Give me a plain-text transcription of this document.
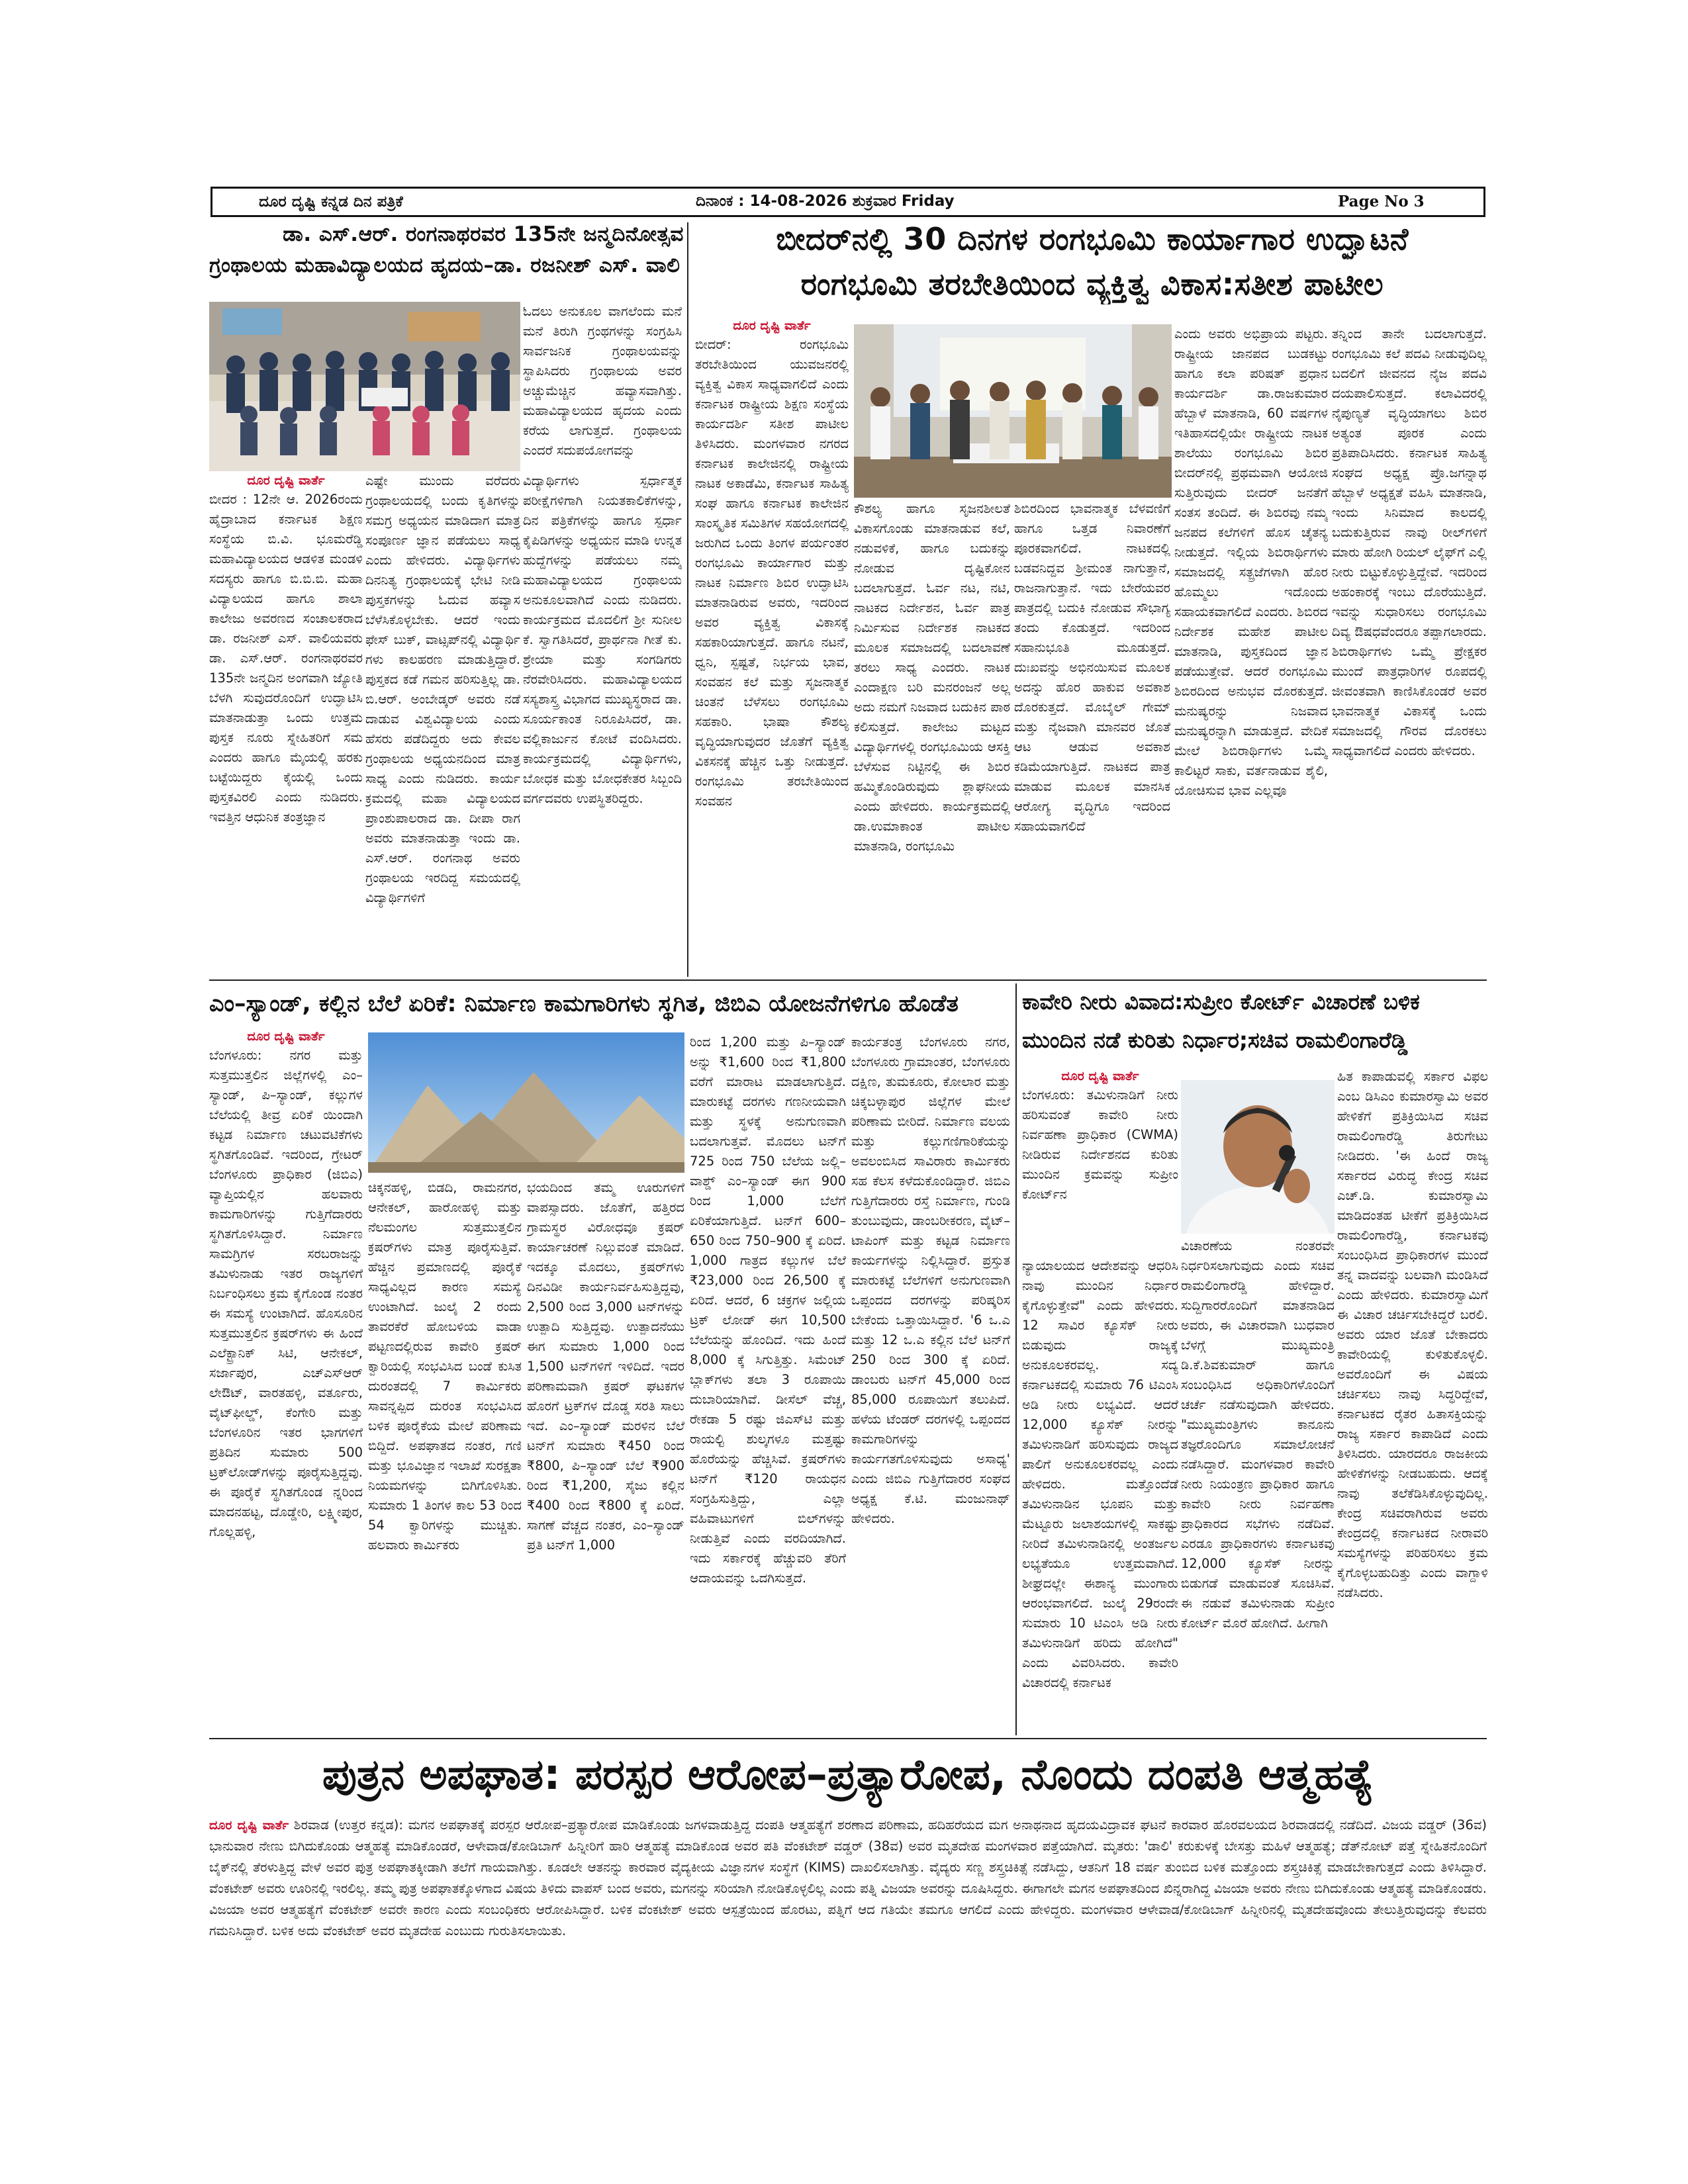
ದೂರ ದೃಷ್ಟಿ ಕನ್ನಡ ದಿನ ಪತ್ರಿಕೆ	ದಿನಾಂಕ : 14-08-2026 ಶುಕ್ರವಾರ Friday	Page No 3
ಡಾ. ಎಸ್.ಆರ್. ರಂಗನಾಥರವರ 135ನೇ ಜನ್ಮದಿನೋತ್ಸವ
ಗ್ರಂಥಾಲಯ ಮಹಾವಿದ್ಯಾಲಯದ ಹೃದಯ–ಡಾ. ರಜನೀಶ್ ಎಸ್. ವಾಲಿ
ದೂರ ದೃಷ್ಟಿ ವಾರ್ತೆ
ಬೀದರ : 12ನೇ ಆ. 2026ರಂದು ಹೈದ್ರಾಬಾದ ಕರ್ನಾಟಕ ಶಿಕ್ಷಣ ಸಂಸ್ಥೆಯ ಬಿ.ವಿ. ಭೂಮರೆಡ್ಡಿ ಮಹಾವಿದ್ಯಾಲಯದ ಆಡಳಿತ ಮಂಡಳಿ ಸದಸ್ಯರು ಹಾಗೂ ಬಿ.ಬಿ.ಬಿ. ಮಹಾ ವಿದ್ಯಾಲಯದ ಹಾಗೂ ಶಾಲಾ ಕಾಲೇಜು ಅವರಣದ ಸಂಚಾಲಕರಾದ ಡಾ. ರಜನೀಶ್ ಎಸ್. ವಾಲಿಯವರು ಡಾ. ಎಸ್.ಆರ್. ರಂಗನಾಥರವರ 135ನೇ ಜನ್ಮದಿನ ಅಂಗವಾಗಿ ಜ್ಯೋತಿ ಬೆಳಗಿ ಸುವುದರೊಂದಿಗೆ ಉದ್ಘಾಟಿಸಿ ಮಾತನಾಡುತ್ತಾ ಒಂದು ಉತ್ತಮ ಪುಸ್ತಕ ನೂರು ಸ್ನೇಹಿತರಿಗೆ ಸಮ ಎಂದರು ಹಾಗೂ ಮೈಯಲ್ಲಿ ಹರಕು ಬಟ್ಟೆಯಿದ್ದರು ಕೈಯಲ್ಲಿ ಒಂದು ಪುಸ್ತಕವಿರಲಿ ಎಂದು ನುಡಿದರು. ಇವತ್ತಿನ ಆಧುನಿಕ ತಂತ್ರಜ್ಞಾನ
ಎಷ್ಟೇ ಮುಂದು ವರೆದರು ಗ್ರಂಥಾಲಯದಲ್ಲಿ ಬಂದು ಕೃತಿಗಳನ್ನು ಸಮಗ್ರ ಅಧ್ಯಯನ ಮಾಡಿದಾಗ ಮಾತ್ರ ಸಂಪೂರ್ಣ ಜ್ಞಾನ ಪಡೆಯಲು ಸಾಧ್ಯ ಎಂದು ಹೇಳಿದರು. ವಿದ್ಯಾರ್ಥಿಗಳು ದಿನನಿತ್ಯ ಗ್ರಂಥಾಲಯಕ್ಕೆ ಭೇಟಿ ನೀಡಿ ಪುಸ್ತಕಗಳನ್ನು ಓದುವ ಹವ್ಯಾಸ ಬೆಳೆಸಿಕೊಳ್ಳಬೇಕು. ಆದರೆ ಇಂದು ಫೇಸ್ ಬುಕ್, ವಾಟ್ಸಪ್‌ನಲ್ಲಿ ವಿದ್ಯಾರ್ಥಿ ಗಳು ಕಾಲಹರಣ ಮಾಡುತ್ತಿದ್ದಾರೆ. ಪುಸ್ತಕದ ಕಡೆ ಗಮನ ಹರಿಸುತ್ತಿಲ್ಲ ಡಾ. ಬಿ.ಆರ್. ಅಂಬೇಡ್ಕರ್ ಅವರು ನಡೆ ದಾಡುವ ವಿಶ್ವವಿದ್ಯಾಲಯ ಎಂದು ಹೆಸರು ಪಡೆದಿದ್ದರು ಅದು ಕೇವಲ ಗ್ರಂಥಾಲಯ ಅಧ್ಯಯನದಿಂದ ಮಾತ್ರ ಸಾಧ್ಯ ಎಂದು ನುಡಿದರು. ಕಾರ್ಯ ಕ್ರಮದಲ್ಲಿ ಮಹಾ ವಿದ್ಯಾಲಯದ ಪ್ರಾಂಶುಪಾಲರಾದ ಡಾ. ದೀಪಾ ರಾಗ ಅವರು ಮಾತನಾಡುತ್ತಾ ಇಂದು ಡಾ. ಎಸ್.ಆರ್. ರಂಗನಾಥ ಅವರು ಗ್ರಂಥಾಲಯ ಇರದಿದ್ದ ಸಮಯದಲ್ಲಿ ವಿದ್ಯಾರ್ಥಿಗಳಿಗೆ
ಓದಲು ಅನುಕೂಲ ವಾಗಲೆಂದು ಮನೆ ಮನೆ ತಿರುಗಿ ಗ್ರಂಥಗಳನ್ನು ಸಂಗ್ರಹಿಸಿ ಸಾರ್ವಜನಿಕ ಗ್ರಂಥಾಲಯವನ್ನು ಸ್ಥಾಪಿಸಿದರು ಗ್ರಂಥಾಲಯ ಅವರ ಅಚ್ಚುಮೆಚ್ಚಿನ ಹವ್ಯಾಸವಾಗಿತ್ತು. ಮಹಾವಿದ್ಯಾಲಯದ ಹೃದಯ ಎಂದು ಕರೆಯ ಲಾಗುತ್ತದೆ. ಗ್ರಂಥಾಲಯ ಎಂದರೆ ಸದುಪಯೋಗವನ್ನು
ವಿದ್ಯಾರ್ಥಿಗಳು ಸ್ಪರ್ಧಾತ್ಮಕ ಪರೀಕ್ಷೆಗಳಿಗಾಗಿ ನಿಯತಕಾಲಿಕೆಗಳನ್ನು, ದಿನ ಪತ್ರಿಕೆಗಳನ್ನು ಹಾಗೂ ಸ್ಪರ್ಧಾ ಕೈಪಿಡಿಗಳನ್ನು ಅಧ್ಯಯನ ಮಾಡಿ ಉನ್ನತ ಹುದ್ದೆಗಳನ್ನು ಪಡೆಯಲು ನಮ್ಮ ಮಹಾವಿದ್ಯಾಲಯದ ಗ್ರಂಥಾಲಯ ಅನುಕೂಲವಾಗಿದೆ ಎಂದು ನುಡಿದರು. ಕಾರ್ಯಕ್ರಮದ ಮೊದಲಿಗೆ ಶ್ರೀ ಸುನೀಲ ಕೆ. ಸ್ವಾಗತಿಸಿದರೆ, ಪ್ರಾರ್ಥನಾ ಗೀತೆ ಕು. ಶ್ರೇಯಾ ಮತ್ತು ಸಂಗಡಿಗರು ನೆರವೇರಿಸಿದರು. ಮಹಾವಿದ್ಯಾಲಯದ ಸಸ್ಯಶಾಸ್ತ್ರ ವಿಭಾಗದ ಮುಖ್ಯಸ್ಥರಾದ ಡಾ. ಸೂರ್ಯಕಾಂತ ನಿರೂಪಿಸಿದರೆ, ಡಾ. ವಲ್ಲಿಕಾರ್ಜುನ ಕೋಟೆ ವಂದಿಸಿದರು. ಕಾರ್ಯಕ್ರಮದಲ್ಲಿ ವಿದ್ಯಾರ್ಥಿಗಳು, ಬೋಧಕ ಮತ್ತು ಬೋಧಕೇತರ ಸಿಬ್ಬಂದಿ ವರ್ಗದವರು ಉಪಸ್ಥಿತರಿದ್ದರು.
ಬೀದರ್‌ನಲ್ಲಿ 30 ದಿನಗಳ ರಂಗಭೂಮಿ ಕಾರ್ಯಾಗಾರ ಉದ್ಘಾಟನೆ
ರಂಗಭೂಮಿ ತರಬೇತಿಯಿಂದ ವ್ಯಕ್ತಿತ್ವ ವಿಕಾಸ:ಸತೀಶ ಪಾಟೀಲ
ದೂರ ದೃಷ್ಟಿ ವಾರ್ತೆ
ಬೀದರ್: ರಂಗಭೂಮಿ ತರಬೇತಿಯಿಂದ ಯುವಜನರಲ್ಲಿ ವ್ಯಕ್ತಿತ್ವ ವಿಕಾಸ ಸಾಧ್ಯವಾಗಲಿದೆ ಎಂದು ಕರ್ನಾಟಕ ರಾಷ್ಟ್ರೀಯ ಶಿಕ್ಷಣ ಸಂಸ್ಥೆಯ ಕಾರ್ಯದರ್ಶಿ ಸತೀಶ ಪಾಟೀಲ ತಿಳಿಸಿದರು. ಮಂಗಳವಾರ ನಗರದ ಕರ್ನಾಟಕ ಕಾಲೇಜಿನಲ್ಲಿ ರಾಷ್ಟ್ರೀಯ ನಾಟಕ ಅಕಾಡೆಮಿ, ಕರ್ನಾಟಕ ಸಾಹಿತ್ಯ ಸಂಘ ಹಾಗೂ ಕರ್ನಾಟಕ ಕಾಲೇಜಿನ ಸಾಂಸ್ಕೃತಿಕ ಸಮಿತಿಗಳ ಸಹಯೋಗದಲ್ಲಿ ಜರುಗಿದ ಒಂದು ತಿಂಗಳ ಪರ್ಯಂತರ ರಂಗಭೂಮಿ ಕಾರ್ಯಾಗಾರ ಮತ್ತು ನಾಟಕ ನಿರ್ಮಾಣ ಶಿಬಿರ ಉದ್ಘಾಟಿಸಿ ಮಾತನಾಡಿರುವ ಅವರು, ಇದರಿಂದ ಅವರ ವ್ಯಕ್ತಿತ್ವ ವಿಕಾಸಕ್ಕೆ ಸಹಕಾರಿಯಾಗುತ್ತದೆ. ಹಾಗೂ ನಟನೆ, ಧ್ವನಿ, ಸ್ಪಷ್ಟತೆ, ನಿರ್ಭಯ ಭಾವ, ಸಂವಹನ ಕಲೆ ಮತ್ತು ಸೃಜನಾತ್ಮಕ ಚಿಂತನೆ ಬೆಳೆಸಲು ರಂಗಭೂಮಿ ಸಹಕಾರಿ. ಭಾಷಾ ಕೌಶಲ್ಯ ವೃದ್ಧಿಯಾಗುವುದರ ಜೊತೆಗೆ ವ್ಯಕ್ತಿತ್ವ ವಿಕಸನಕ್ಕೆ ಹೆಚ್ಚಿನ ಒತ್ತು ನೀಡುತ್ತದೆ. ರಂಗಭೂಮಿ ತರಬೇತಿಯಿಂದ ಸಂವಹನ
ಕೌಶಲ್ಯ ಹಾಗೂ ಸೃಜನಶೀಲತೆ ವಿಕಾಸಗೊಂಡು ಮಾತನಾಡುವ ಕಲೆ, ನಡುವಳಿಕೆ, ಹಾಗೂ ಬದುಕನ್ನು ನೋಡುವ ದೃಷ್ಟಿಕೋನ ಬದಲಾಗುತ್ತದೆ. ಓರ್ವ ನಟ, ನಟಿ, ನಾಟಕದ ನಿರ್ದೇಶನ, ಓರ್ವ ಪಾತ್ರ ನಿರ್ಮಿಸುವ ನಿರ್ದೇಶಕ ನಾಟಕದ ಮೂಲಕ ಸಮಾಜದಲ್ಲಿ ಬದಲಾವಣೆ ತರಲು ಸಾಧ್ಯ ಎಂದರು. ನಾಟಕ ಎಂದಾಕ್ಷಣ ಬರಿ ಮನರಂಜನೆ ಅಲ್ಲ ಅದು ನಮಗೆ ನಿಜವಾದ ಬದುಕಿನ ಪಾಠ ಕಲಿಸುತ್ತದೆ. ಕಾಲೇಜು ಮಟ್ಟದ ವಿದ್ಯಾರ್ಥಿಗಳಲ್ಲಿ ರಂಗಭೂಮಿಯ ಆಸಕ್ತಿ ಬೆಳೆಸುವ ನಿಟ್ಟಿನಲ್ಲಿ ಈ ಶಿಬಿರ ಹಮ್ಮಿಕೊಂಡಿರುವುದು ಶ್ಲಾಘನೀಯ ಎಂದು ಹೇಳಿದರು. ಕಾರ್ಯಕ್ರಮದಲ್ಲಿ ಡಾ.ಉಮಾಕಾಂತ ಪಾಟೀಲ ಮಾತನಾಡಿ, ರಂಗಭೂಮಿ
ಶಿಬಿರದಿಂದ ಭಾವನಾತ್ಮಕ ಬೆಳವಣಿಗೆ ಹಾಗೂ ಒತ್ತಡ ನಿವಾರಣೆಗೆ ಪೂರಕವಾಗಲಿದೆ. ನಾಟಕದಲ್ಲಿ ಬಡವನಿದ್ದವ ಶ್ರೀಮಂತ ನಾಗುತ್ತಾನೆ, ರಾಜನಾಗುತ್ತಾನೆ. ಇದು ಬೇರೆಯವರ ಪಾತ್ರದಲ್ಲಿ ಬದುಕಿ ನೋಡುವ ಸೌಭಾಗ್ಯ ತಂದು ಕೊಡುತ್ತದೆ. ಇದರಿಂದ ಸಹಾನುಭೂತಿ ಮೂಡುತ್ತದೆ. ದುಃಖವನ್ನು ಅಭಿನಯಿಸುವ ಮೂಲಕ ಅದನ್ನು ಹೊರ ಹಾಕುವ ಅವಕಾಶ ದೊರಕುತ್ತದೆ. ಮೊಬೈಲ್ ಗೇಮ್ ಮತ್ತು ನೈಜವಾಗಿ ಮಾನವರ ಜೊತೆ ಆಟ ಆಡುವ ಅವಕಾಶ ಕಡಿಮೆಯಾಗುತ್ತಿದೆ. ನಾಟಕದ ಪಾತ್ರ ಮಾಡುವ ಮೂಲಕ ಮಾನಸಿಕ ಆರೋಗ್ಯ ವೃದ್ಧಿಗೂ ಇದರಿಂದ ಸಹಾಯವಾಗಲಿದೆ
ಎಂದು ಅವರು ಅಭಿಪ್ರಾಯ ಪಟ್ಟರು. ರಾಷ್ಟ್ರೀಯ ಜಾನಪದ ಬುಡಕಟ್ಟು ಹಾಗೂ ಕಲಾ ಪರಿಷತ್ ಪ್ರಧಾನ ಕಾರ್ಯದರ್ಶಿ ಡಾ.ರಾಜಕುಮಾರ ಹೆಬ್ಬಾಳೆ ಮಾತನಾಡಿ, 60 ವರ್ಷಗಳ ಇತಿಹಾಸದಲ್ಲಿಯೇ ರಾಷ್ಟ್ರೀಯ ನಾಟಕ ಶಾಲೆಯು ರಂಗಭೂಮಿ ಶಿಬಿರ ಬೀದರ್‌ನಲ್ಲಿ ಪ್ರಥಮವಾಗಿ ಆಯೋಜಿ ಸುತ್ತಿರುವುದು ಬೀದರ್ ಜನತೆಗೆ ಸಂತಸ ತಂದಿದೆ. ಈ ಶಿಬಿರವು ನಮ್ಮ ಜನಪದ ಕಲೆಗಳಿಗೆ ಹೊಸ ಚೈತನ್ಯ ನೀಡುತ್ತದೆ. ಇಲ್ಲಿಯ ಶಿಬಿರಾರ್ಥಿಗಳು ಸಮಾಜದಲ್ಲಿ ಸತ್ಪ್ರಜೆಗಳಾಗಿ ಹೊರ ಹೊಮ್ಮಲು ಇದೊಂದು ಸಹಾಯಕವಾಗಲಿದೆ ಎಂದರು. ಶಿಬಿರದ ನಿರ್ದೇಶಕ ಮಹೇಶ ಪಾಟೀಲ ಮಾತನಾಡಿ, ಪುಸ್ತಕದಿಂದ ಜ್ಞಾನ ಪಡೆಯುತ್ತೇವೆ. ಆದರೆ ರಂಗಭೂಮಿ ಶಿಬಿರದಿಂದ ಅನುಭವ ದೊರಕುತ್ತದೆ. ಮನುಷ್ಯರನ್ನು ನಿಜವಾದ ಮನುಷ್ಯರನ್ನಾಗಿ ಮಾಡುತ್ತದೆ. ವೇದಿಕೆ ಮೇಲೆ ಶಿಬಿರಾರ್ಥಿಗಳು ಒಮ್ಮೆ ಕಾಲಿಟ್ಟರೆ ಸಾಕು, ವರ್ತನಾಡುವ ಶೈಲಿ, ಯೋಚಿಸುವ ಭಾವ ಎಲ್ಲವೂ
ತನ್ನಿಂದ ತಾನೇ ಬದಲಾಗುತ್ತದೆ. ರಂಗಭೂಮಿ ಕಲೆ ಪದವಿ ನೀಡುವುದಿಲ್ಲ ಬದಲಿಗೆ ಜೀವನದ ನೈಜ ಪದವಿ ದಯಪಾಲಿಸುತ್ತದೆ. ಕಲಾವಿದರಲ್ಲಿ ನೈಪುಣ್ಯತೆ ವೃದ್ಧಿಯಾಗಲು ಶಿಬಿರ ಅತ್ಯಂತ ಪೂರಕ ಎಂದು ಪ್ರತಿಪಾದಿಸಿದರು. ಕರ್ನಾಟಕ ಸಾಹಿತ್ಯ ಸಂಘದ ಅಧ್ಯಕ್ಷ ಪ್ರೊ.ಜಗನ್ನಾಥ ಹೆಬ್ಬಾಳೆ ಅಧ್ಯಕ್ಷತೆ ವಹಿಸಿ ಮಾತನಾಡಿ, ಇಂದು ಸಿನಿಮಾದ ಕಾಲದಲ್ಲಿ ಬದುಕುತ್ತಿರುವ ನಾವು ರೀಲ್‌ಗಳಿಗೆ ಮಾರು ಹೋಗಿ ರಿಯಲ್ ಲೈಫ್‌ಗೆ ಎಲ್ಲಿ ನೀರು ಬಿಟ್ಟುಕೊಳ್ಳುತ್ತಿದ್ದೇವೆ. ಇದರಿಂದ ಅಹಂಕಾರಕ್ಕೆ ಇಂಬು ದೊರೆಯುತ್ತಿದೆ. ಇವನ್ನು ಸುಧಾರಿಸಲು ರಂಗಭೂಮಿ ದಿವ್ಯ ಔಷಧವೆಂದರೂ ತಪ್ಪಾಗಲಾರದು. ಶಿಬಿರಾರ್ಥಿಗಳು ಒಮ್ಮೆ ಪ್ರೇಕ್ಷಕರ ಮುಂದೆ ಪಾತ್ರಧಾರಿಗಳ ರೂಪದಲ್ಲಿ ಜೀವಂತವಾಗಿ ಕಾಣಿಸಿಕೊಂಡರೆ ಅವರ ಭಾವನಾತ್ಮಕ ವಿಕಾಸಕ್ಕೆ ಒಂದು ಸಮಾಜದಲ್ಲಿ ಗೌರವ ದೊರಕಲು ಸಾಧ್ಯವಾಗಲಿದೆ ಎಂದರು ಹೇಳಿದರು.
ಎಂ–ಸ್ಯಾಂಡ್, ಕಲ್ಲಿನ ಬೆಲೆ ಏರಿಕೆ: ನಿರ್ಮಾಣ ಕಾಮಗಾರಿಗಳು ಸ್ಥಗಿತ, ಜಿಬಿಎ ಯೋಜನೆಗಳಿಗೂ ಹೊಡೆತ
ದೂರ ದೃಷ್ಟಿ ವಾರ್ತೆ
ಬೆಂಗಳೂರು: ನಗರ ಮತ್ತು ಸುತ್ತಮುತ್ತಲಿನ ಜಿಲ್ಲೆಗಳಲ್ಲಿ ಎಂ–ಸ್ಯಾಂಡ್, ಪಿ–ಸ್ಯಾಂಡ್, ಕಲ್ಲುಗಳ ಬೆಲೆಯಲ್ಲಿ ತೀವ್ರ ಏರಿಕೆ ಯಿಂದಾಗಿ ಕಟ್ಟಡ ನಿರ್ಮಾಣ ಚಟುವಟಿಕೆಗಳು ಸ್ಥಗಿತಗೊಂಡಿವೆ. ಇದರಿಂದ, ಗ್ರೇಟರ್ ಬೆಂಗಳೂರು ಪ್ರಾಧಿಕಾರ (ಜಿಬಿಎ) ವ್ಯಾಪ್ತಿಯಲ್ಲಿನ ಹಲವಾರು ಕಾಮಗಾರಿಗಳನ್ನು ಗುತ್ತಿಗೆದಾರರು ಸ್ಥಗಿತಗೊಳಿಸಿದ್ದಾರೆ. ನಿರ್ಮಾಣ ಸಾಮಗ್ರಿಗಳ ಸರಬರಾಜನ್ನು ತಮಿಳುನಾಡು ಇತರ ರಾಜ್ಯಗಳಿಗೆ ನಿರ್ಬಂಧಿಸಲು ಕ್ರಮ ಕೈಗೊಂಡ ನಂತರ ಈ ಸಮಸ್ಯೆ ಉಂಟಾಗಿದೆ. ಹೊಸೂರಿನ ಸುತ್ತಮುತ್ತಲಿನ ಕ್ರಷರ್‌ಗಳು ಈ ಹಿಂದೆ ಎಲೆಕ್ಟ್ರಾನಿಕ್ ಸಿಟಿ, ಆನೇಕಲ್, ಸರ್ಜಾಪುರ, ಎಚ್‌ಎಸ್‌ಆರ್ ಲೇಔಟ್, ವಾರತಹಳ್ಳಿ, ವರ್ತೂರು, ವೈಟ್‌ಫೀಲ್ಡ್, ಕೆಂಗೇರಿ ಮತ್ತು ಬೆಂಗಳೂರಿನ ಇತರ ಭಾಗಗಳಿಗೆ ಪ್ರತಿದಿನ ಸುಮಾರು 500 ಟ್ರಕ್‌ಲೋಡ್‌ಗಳನ್ನು ಪೂರೈಸುತ್ತಿದ್ದವು. ಈ ಪೂರೈಕೆ ಸ್ಥಗಿತಗೊಂಡ ನ್ನರಿಂದ ಮಾದನಹಟ್ಟ, ದೊಡ್ಡೇರಿ, ಲಕ್ಷ್ಮೀಪುರ, ಗೊಲ್ಲಹಳ್ಳಿ,
ಚಿಕ್ಕನಹಳ್ಳಿ, ಬಿಡದಿ, ರಾಮನಗರ, ಆನೇಕಲ್, ಹಾರೋಹಳ್ಳಿ ಮತ್ತು ನೆಲಮಂಗಲ ಸುತ್ತಮುತ್ತಲಿನ ಕ್ರಷರ್‌ಗಳು ಮಾತ್ರ ಪೂರೈಸುತ್ತಿವೆ. ಹೆಚ್ಚಿನ ಪ್ರಮಾಣದಲ್ಲಿ ಪೂರೈಕೆ ಸಾಧ್ಯವಿಲ್ಲದ ಕಾರಣ ಸಮಸ್ಯೆ ಉಂಟಾಗಿದೆ. ಜುಲೈ 2 ರಂದು ತಾವರಕೆರೆ ಹೋಬಳಿಯ ವಾಡಾ ಪಟ್ಟಣದಲ್ಲಿರುವ ಕಾವೇರಿ ಕ್ರಷರ್ ಕ್ವಾರಿಯಲ್ಲಿ ಸಂಭವಿಸಿದ ಬಂಡೆ ಕುಸಿತ ದುರಂತದಲ್ಲಿ 7 ಕಾರ್ಮಿಕರು ಸಾವನ್ನಪ್ಪಿದ ದುರಂತ ಸಂಭವಿಸಿದ ಬಳಿಕ ಪೂರೈಕೆಯ ಮೇಲೆ ಪರಿಣಾಮ ಬಿದ್ದಿದೆ. ಅಪಘಾತದ ನಂತರ, ಗಣಿ ಮತ್ತು ಭೂವಿಜ್ಞಾನ ಇಲಾಖೆ ಸುರಕ್ಷತಾ ನಿಯಮಗಳನ್ನು ಬಿಗಿಗೊಳಿಸಿತು. ಸುಮಾರು 1 ತಿಂಗಳ ಕಾಲ 53 ರಿಂದ 54 ಕ್ವಾರಿಗಳನ್ನು ಮುಚ್ಚಿತು. ಹಲವಾರು ಕಾರ್ಮಿಕರು
ಭಯದಿಂದ ತಮ್ಮ ಊರುಗಳಿಗೆ ವಾಪಸ್ಸಾದರು. ಜೊತೆಗೆ, ಹತ್ತಿರದ ಗ್ರಾಮಸ್ಥರ ವಿರೋಧವೂ ಕ್ರಷರ್ ಕಾರ್ಯಾಚರಣೆ ನಿಲ್ಲುವಂತೆ ಮಾಡಿದೆ. ಇದಕ್ಕೂ ಮೊದಲು, ಕ್ರಷರ್‌ಗಳು ದಿನವಿಡೀ ಕಾರ್ಯನಿರ್ವಹಿಸುತ್ತಿದ್ದವು, 2,500 ರಿಂದ 3,000 ಟನ್‌ಗಳನ್ನು ಉತ್ಪಾದಿ ಸುತ್ತಿದ್ದವು. ಉತ್ಪಾದನೆಯು ಈಗ ಸುಮಾರು 1,000 ರಿಂದ 1,500 ಟನ್‌ಗಳಿಗೆ ಇಳಿದಿದೆ. ಇದರ ಪರಿಣಾಮವಾಗಿ ಕ್ರಷರ್ ಘಟಕಗಳ ಹೊರಗೆ ಟ್ರಕ್‌ಗಳ ದೊಡ್ಡ ಸರತಿ ಸಾಲು ಇದೆ. ಎಂ–ಸ್ಯಾಂಡ್ ಮರಳಿನ ಬೆಲೆ ಟನ್‌ಗೆ ಸುಮಾರು ₹450 ರಿಂದ ₹800, ಪಿ–ಸ್ಯಾಂಡ್ ಬೆಲೆ ₹900 ರಿಂದ ₹1,200, ಸೈಜು ಕಲ್ಲಿನ ₹400 ರಿಂದ ₹800 ಕ್ಕೆ ಏರಿದೆ. ಸಾಗಣೆ ವೆಚ್ಚದ ನಂತರ, ಎಂ–ಸ್ಯಾಂಡ್ ಪ್ರತಿ ಟನ್‌ಗೆ 1,000
ರಿಂದ 1,200 ಮತ್ತು ಪಿ–ಸ್ಯಾಂಡ್ ಅನ್ನು ₹1,600 ರಿಂದ ₹1,800 ವರೆಗೆ ಮಾರಾಟ ಮಾಡಲಾಗುತ್ತಿದೆ. ಮಾರುಕಟ್ಟೆ ದರಗಳು ಗಣನೀಯವಾಗಿ ಮತ್ತು ಸ್ಥಳಕ್ಕೆ ಅನುಗುಣವಾಗಿ ಬದಲಾಗುತ್ತವೆ. ಮೊದಲು ಟನ್‌ಗೆ 725 ರಿಂದ 750 ಬೆಲೆಯ ಜಲ್ಲಿ–ವಾಶ್ಡ್ ಎಂ–ಸ್ಯಾಂಡ್ ಈಗ 900 ರಿಂದ 1,000 ಬೆಲೆಗೆ ಏರಿಕೆಯಾಗುತ್ತಿದೆ. ಟನ್‌ಗೆ 600–650 ರಿಂದ 750–900 ಕ್ಕೆ ಏರಿದೆ. 1,000 ಗಾತ್ರದ ಕಲ್ಲುಗಳ ಬೆಲೆ ₹23,000 ರಿಂದ 26,500 ಕ್ಕೆ ಏರಿದೆ. ಆದರೆ, 6 ಚಕ್ರಗಳ ಜಲ್ಲಿಯ ಟ್ರಕ್ ಲೋಡ್ ಈಗ 10,500 ಬೆಲೆಯನ್ನು ಹೊಂದಿದೆ. ಇದು ಹಿಂದೆ 8,000 ಕ್ಕೆ ಸಿಗುತ್ತಿತ್ತು. ಸಿಮೆಂಟ್ ಬ್ಲಾಕ್‌ಗಳು ತಲಾ 3 ರೂಪಾಯಿ ದುಬಾರಿಯಾಗಿವೆ. ಡೀಸೆಲ್ ವೆಚ್ಚ, ರೇಕಡಾ 5 ರಷ್ಟು ಜಿಎಸ್‌ಟಿ ಮತ್ತು ರಾಯಲ್ಟಿ ಶುಲ್ಕಗಳೂ ಮತ್ತಷ್ಟು ಹೊರೆಯನ್ನು ಹೆಚ್ಚಿಸಿವೆ. ಕ್ರಷರ್‌ಗಳು ಟನ್‌ಗೆ ₹120 ರಾಯಧನ ಸಂಗ್ರಹಿಸುತ್ತಿದ್ದು, ಎಲ್ಲಾ ವಹಿವಾಟುಗಳಿಗೆ ಬಿಲ್‌ಗಳನ್ನು ನೀಡುತ್ತಿವೆ ಎಂದು ವರದಿಯಾಗಿದೆ. ಇದು ಸರ್ಕಾರಕ್ಕೆ ಹೆಚ್ಚುವರಿ ತೆರಿಗೆ ಆದಾಯವನ್ನು ಒದಗಿಸುತ್ತದೆ.
ಕಾರ್ಯತಂತ್ರ ಬೆಂಗಳೂರು ನಗರ, ಬೆಂಗಳೂರು ಗ್ರಾಮಾಂತರ, ಬೆಂಗಳೂರು ದಕ್ಷಿಣ, ತುಮಕೂರು, ಕೋಲಾರ ಮತ್ತು ಚಿಕ್ಕಬಳ್ಳಾಪುರ ಜಿಲ್ಲೆಗಳ ಮೇಲೆ ಪರಿಣಾಮ ಬೀರಿದೆ. ನಿರ್ಮಾಣ ವಲಯ ಮತ್ತು ಕಲ್ಲುಗಣಿಗಾರಿಕೆಯನ್ನು ಅವಲಂಬಿಸಿದ ಸಾವಿರಾರು ಕಾರ್ಮಿಕರು ಸಹ ಕೆಲಸ ಕಳೆದುಕೊಂಡಿದ್ದಾರೆ. ಜಿಬಿಎ ಗುತ್ತಿಗೆದಾರರು ರಸ್ತೆ ನಿರ್ಮಾಣ, ಗುಂಡಿ ತುಂಬುವುದು, ಡಾಂಬರೀಕರಣ, ವೈಟ್–ಟಾಪಿಂಗ್ ಮತ್ತು ಕಟ್ಟಡ ನಿರ್ಮಾಣ ಕಾರ್ಯಗಳನ್ನು ನಿಲ್ಲಿಸಿದ್ದಾರೆ. ಪ್ರಸ್ತುತ ಮಾರುಕಟ್ಟೆ ಬೆಲೆಗಳಿಗೆ ಅನುಗುಣವಾಗಿ ಒಪ್ಪಂದದ ದರಗಳನ್ನು ಪರಿಷ್ಕರಿಸ ಬೇಕೆಂದು ಒತ್ತಾಯಿಸಿದ್ದಾರೆ. '6 ಒ.ಎ ಮತ್ತು 12 ಒ.ಎ ಕಲ್ಲಿನ ಬೆಲೆ ಟನ್‌ಗೆ 250 ರಿಂದ 300 ಕ್ಕೆ ಏರಿದೆ. ಡಾಂಬರು ಟನ್‌ಗೆ 45,000 ರಿಂದ 85,000 ರೂಪಾಯಿಗೆ ತಲುಪಿದೆ. ಹಳೆಯ ಟೆಂಡರ್ ದರಗಳಲ್ಲಿ ಒಪ್ಪಂದದ ಕಾಮಗಾರಿಗಳನ್ನು ಕಾರ್ಯಗತಗೊಳಿಸುವುದು ಅಸಾಧ್ಯ' ಎಂದು ಜಿಬಿಎ ಗುತ್ತಿಗೆದಾರರ ಸಂಘದ ಅಧ್ಯಕ್ಷ ಕೆ.ಟಿ. ಮಂಜುನಾಥ್ ಹೇಳಿದರು.
ಕಾವೇರಿ ನೀರು ವಿವಾದ:ಸುಪ್ರೀಂ ಕೋರ್ಟ್ ವಿಚಾರಣೆ ಬಳಿಕ
ಮುಂದಿನ ನಡೆ ಕುರಿತು ನಿರ್ಧಾರ;ಸಚಿವ ರಾಮಲಿಂಗಾರೆಡ್ಡಿ
ದೂರ ದೃಷ್ಟಿ ವಾರ್ತೆ
ಬೆಂಗಳೂರು: ತಮಿಳುನಾಡಿಗೆ ನೀರು ಹರಿಸುವಂತೆ ಕಾವೇರಿ ನೀರು ನಿರ್ವಹಣಾ ಪ್ರಾಧಿಕಾರ (CWMA) ನೀಡಿರುವ ನಿರ್ದೇಶನದ ಕುರಿತು ಮುಂದಿನ ಕ್ರಮವನ್ನು ಸುಪ್ರೀಂ ಕೋರ್ಟ್‌ನ
ನ್ಯಾಯಾಲಯದ ಆದೇಶವನ್ನು ಆಧರಿಸಿ ನಾವು ಮುಂದಿನ ನಿರ್ಧಾರ ಕೈಗೊಳ್ಳುತ್ತೇವೆ" ಎಂದು ಹೇಳಿದರು. 12 ಸಾವಿರ ಕ್ಯೂಸೆಕ್ ನೀರು ಬಿಡುವುದು ರಾಜ್ಯಕ್ಕೆ ಅನುಕೂಲಕರವಲ್ಲ. ಸದ್ಯ ಕರ್ನಾಟಕದಲ್ಲಿ ಸುಮಾರು 76 ಟಿಎಂಸಿ ಅಡಿ ನೀರು ಲಭ್ಯವಿದೆ. ಆದರೆ 12,000 ಕ್ಯೂಸೆಕ್ ನೀರನ್ನು ತಮಿಳುನಾಡಿಗೆ ಹರಿಸುವುದು ರಾಜ್ಯದ ಪಾಲಿಗೆ ಅನುಕೂಲಕರವಲ್ಲ ಎಂದು ಹೇಳಿದರು. ಮತ್ತೊಂದೆಡೆ ತಮಿಳುನಾಡಿನ ಭೂಪನಿ ಮತ್ತು ಮೆಟ್ಟೂರು ಜಲಾಶಯಗಳಲ್ಲಿ ಸಾಕಷ್ಟು ನೀರಿದೆ ತಮಿಳುನಾಡಿನಲ್ಲಿ ಅಂತರ್ಜಲ ಲಭ್ಯತೆಯೂ ಉತ್ತಮವಾಗಿದೆ. ಶೀಘ್ರದಲ್ಲೇ ಈಶಾನ್ಯ ಮುಂಗಾರು ಆರಂಭವಾಗಲಿದೆ. ಜುಲೈ 29ರಂದೇ ಸುಮಾರು 10 ಟಿಎಂಸಿ ಅಡಿ ನೀರು ತಮಿಳುನಾಡಿಗೆ ಹರಿದು ಹೋಗಿದೆ" ಎಂದು ವಿವರಿಸಿದರು. ಕಾವೇರಿ ವಿಚಾರದಲ್ಲಿ ಕರ್ನಾಟಕ
ವಿಚಾರಣೆಯ ನಂತರವೇ ನಿರ್ಧರಿಸಲಾಗುವುದು ಎಂದು ಸಚಿವ ರಾಮಲಿಂಗಾರೆಡ್ಡಿ ಹೇಳಿದ್ದಾರೆ. ಸುದ್ದಿಗಾರರೊಂದಿಗೆ ಮಾತನಾಡಿದ ಅವರು, ಈ ವಿಚಾರವಾಗಿ ಬುಧವಾರ ಬೆಳಗ್ಗೆ ಮುಖ್ಯಮಂತ್ರಿ ಡಿ.ಕೆ.ಶಿವಕುಮಾರ್ ಹಾಗೂ ಸಂಬಂಧಿಸಿದ ಅಧಿಕಾರಿಗಳೊಂದಿಗೆ ಚರ್ಚೆ ನಡೆಸುವುದಾಗಿ ಹೇಳಿದರು. "ಮುಖ್ಯಮಂತ್ರಿಗಳು ಕಾನೂನು ತಜ್ಞರೊಂದಿಗೂ ಸಮಾಲೋಚನೆ ನಡೆಸಿದ್ದಾರೆ. ಮಂಗಳವಾರ ಕಾವೇರಿ ನೀರು ನಿಯಂತ್ರಣ ಪ್ರಾಧಿಕಾರ ಹಾಗೂ ಕಾವೇರಿ ನೀರು ನಿರ್ವಹಣಾ ಪ್ರಾಧಿಕಾರದ ಸಭೆಗಳು ನಡೆದಿವೆ. ಎರಡೂ ಪ್ರಾಧಿಕಾರಗಳು ಕರ್ನಾಟಕವು 12,000 ಕ್ಯೂಸೆಕ್ ನೀರನ್ನು ಬಿಡುಗಡೆ ಮಾಡುವಂತೆ ಸೂಚಿಸಿವೆ. ಈ ನಡುವೆ ತಮಿಳುನಾಡು ಸುಪ್ರೀಂ ಕೋರ್ಟ್ ಮೊರೆ ಹೋಗಿದೆ. ಹೀಗಾಗಿ
ಹಿತ ಕಾಪಾಡುವಲ್ಲಿ ಸರ್ಕಾರ ವಿಫಲ ಎಂಬ ಡಿಸಿಎಂ ಕುಮಾರಸ್ವಾಮಿ ಅವರ ಹೇಳಿಕೆಗೆ ಪ್ರತಿಕ್ರಿಯಿಸಿದ ಸಚಿವ ರಾಮಲಿಂಗಾರೆಡ್ಡಿ ತಿರುಗೇಟು ನೀಡಿದರು. 'ಈ ಹಿಂದೆ ರಾಜ್ಯ ಸರ್ಕಾರದ ವಿರುದ್ಧ ಕೇಂದ್ರ ಸಚಿವ ಎಚ್.ಡಿ. ಕುಮಾರಸ್ವಾಮಿ ಮಾಡಿದಂತಹ ಟೀಕೆಗೆ ಪ್ರತಿಕ್ರಿಯಿಸಿದ ರಾಮಲಿಂಗಾರೆಡ್ಡಿ, ಕರ್ನಾಟಕವು ಸಂಬಂಧಿಸಿದ ಪ್ರಾಧಿಕಾರಗಳ ಮುಂದೆ ತನ್ನ ವಾದವನ್ನು ಬಲವಾಗಿ ಮಂಡಿಸಿದೆ ಎಂದು ಹೇಳಿದರು. ಕುಮಾರಸ್ವಾಮಿಗೆ ಈ ವಿಚಾರ ಚರ್ಚಿಸಬೇಕಿದ್ದರೆ ಬರಲಿ. ಅವರು ಯಾರ ಜೊತೆ ಬೇಕಾದರು ಕಾವೇರಿಯಲ್ಲಿ ಕುಳಿತುಕೊಳ್ಳಲಿ. ಅವರೊಂದಿಗೆ ಈ ವಿಷಯ ಚರ್ಚಿಸಲು ನಾವು ಸಿದ್ಧರಿದ್ದೇವೆ, ಕರ್ನಾಟಕದ ರೈತರ ಹಿತಾಸಕ್ತಿಯನ್ನು ರಾಜ್ಯ ಸರ್ಕಾರ ಕಾಪಾಡಿದೆ ಎಂದು ತಿಳಿಸಿದರು. ಯಾರದರೂ ರಾಜಕೀಯ ಹೇಳಿಕೆಗಳನ್ನು ನೀಡಬಹುದು. ಆದಕ್ಕೆ ನಾವು ತಲೆಕೆಡಿಸಿಕೊಳ್ಳುವುದಿಲ್ಲ. ಕೇಂದ್ರ ಸಚಿವರಾಗಿರುವ ಅವರು ಕೇಂದ್ರದಲ್ಲಿ ಕರ್ನಾಟಕದ ನೀರಾವರಿ ಸಮಸ್ಯೆಗಳನ್ನು ಪರಿಹರಿಸಲು ಕ್ರಮ ಕೈಗೊಳ್ಳಬಹುದಿತ್ತು ಎಂದು ವಾಗ್ದಾಳಿ ನಡೆಸಿದರು.
ಪುತ್ರನ ಅಪಘಾತ: ಪರಸ್ಪರ ಆರೋಪ–ಪ್ರತ್ಯಾರೋಪ, ನೊಂದು ದಂಪತಿ ಆತ್ಮಹತ್ಯೆ
ದೂರ ದೃಷ್ಟಿ ವಾರ್ತೆ ಶಿರವಾಡ (ಉತ್ತರ ಕನ್ನಡ): ಮಗನ ಅಪಘಾತಕ್ಕೆ ಪರಸ್ಪರ ಆರೋಪ–ಪ್ರತ್ಯಾರೋಪ ಮಾಡಿಕೊಂಡು ಜಗಳವಾಡುತ್ತಿದ್ದ ದಂಪತಿ ಆತ್ಮಹತ್ಯೆಗೆ ಶರಣಾದ ಪರಿಣಾಮ, ಹದಿಹರೆಯದ ಮಗ ಅನಾಥನಾದ ಹೃದಯವಿದ್ರಾವಕ ಘಟನೆ ಕಾರವಾರ ಹೊರವಲಯದ ಶಿರವಾಡದಲ್ಲಿ ನಡೆದಿದೆ. ವಿಜಯ ವಡ್ಡರ್ (36ವ) ಭಾನುವಾರ ನೇಣು ಬಿಗಿದುಕೊಂಡು ಆತ್ಮಹತ್ಯೆ ಮಾಡಿಕೊಂಡರೆ, ಆಳೇವಾಡ/ಕೋಡಿಬಾಗ್ ಹಿನ್ನೀರಿಗೆ ಹಾರಿ ಆತ್ಮಹತ್ಯೆ ಮಾಡಿಕೊಂಡ ಅವರ ಪತಿ ವೆಂಕಟೇಶ್ ವಡ್ಡರ್ (38ವ) ಅವರ ಮೃತದೇಹ ಮಂಗಳವಾರ ಪತ್ತೆಯಾಗಿದೆ. ಮೃತರು: 'ಡಾಲಿ' ಕರುಕುಳಕ್ಕೆ ಬೇಸತ್ತು ಮಹಿಳೆ ಆತ್ಮಹತ್ಯೆ; ಡೆತ್‌ನೋಟ್ ಪತ್ತೆ ಸ್ನೇಹಿತನೊಂದಿಗೆ ಬೈಕ್‌ನಲ್ಲಿ ತೆರಳುತ್ತಿದ್ದ ವೇಳೆ ಅವರ ಪುತ್ರ ಅಪಘಾತಕ್ಕೀಡಾಗಿ ತಲೆಗೆ ಗಾಯವಾಗಿತ್ತು. ಕೂಡಲೇ ಆತನನ್ನು ಕಾರವಾರ ವೈದ್ಯಕೀಯ ವಿಜ್ಞಾನಗಳ ಸಂಸ್ಥೆಗೆ (KIMS) ದಾಖಲಿಸಲಾಗಿತ್ತು. ವೈದ್ಯರು ಸಣ್ಣ ಶಸ್ತ್ರಚಿಕಿತ್ಸೆ ನಡೆಸಿದ್ದು, ಆತನಿಗೆ 18 ವರ್ಷ ತುಂಬಿದ ಬಳಿಕ ಮತ್ತೊಂದು ಶಸ್ತ್ರಚಿಕಿತ್ಸೆ ಮಾಡಬೇಕಾಗುತ್ತದೆ ಎಂದು ತಿಳಿಸಿದ್ದಾರೆ. ವೆಂಕಟೇಶ್ ಅವರು ಊರಿನಲ್ಲಿ ಇರಲಿಲ್ಲ. ತಮ್ಮ ಪುತ್ರ ಅಪಘಾತಕ್ಕೊಳಗಾದ ವಿಷಯ ತಿಳಿದು ವಾಪಸ್ ಬಂದ ಅವರು, ಮಗನನ್ನು ಸರಿಯಾಗಿ ನೋಡಿಕೊಳ್ಳಲಿಲ್ಲ ಎಂದು ಪತ್ನಿ ವಿಜಯಾ ಅವರನ್ನು ದೂಷಿಸಿದ್ದರು. ಈಗಾಗಲೇ ಮಗನ ಅಪಘಾತದಿಂದ ಖಿನ್ನರಾಗಿದ್ದ ವಿಜಯಾ ಅವರು ನೇಣು ಬಿಗಿದುಕೊಂಡು ಆತ್ಮಹತ್ಯೆ ಮಾಡಿಕೊಂಡರು. ವಿಜಯಾ ಅವರ ಆತ್ಮಹತ್ಯೆಗೆ ವೆಂಕಟೇಶ್ ಅವರೇ ಕಾರಣ ಎಂದು ಸಂಬಂಧಿಕರು ಆರೋಪಿಸಿದ್ದಾರೆ. ಬಳಿಕ ವೆಂಕಟೇಶ್ ಅವರು ಆಸ್ಪತ್ರೆಯಿಂದ ಹೊರಟು, ಪತ್ನಿಗೆ ಆದ ಗತಿಯೇ ತಮಗೂ ಆಗಲಿದೆ ಎಂದು ಹೇಳಿದ್ದರು. ಮಂಗಳವಾರ ಆಳೇವಾಡ/ಕೋಡಿಬಾಗ್ ಹಿನ್ನೀರಿನಲ್ಲಿ ಮೃತದೇಹವೊಂದು ತೇಲುತ್ತಿರುವುದನ್ನು ಕೆಲವರು ಗಮನಿಸಿದ್ದಾರೆ. ಬಳಿಕ ಅದು ವೆಂಕಟೇಶ್ ಅವರ ಮೃತದೇಹ ಎಂಬುದು ಗುರುತಿಸಲಾಯಿತು.
